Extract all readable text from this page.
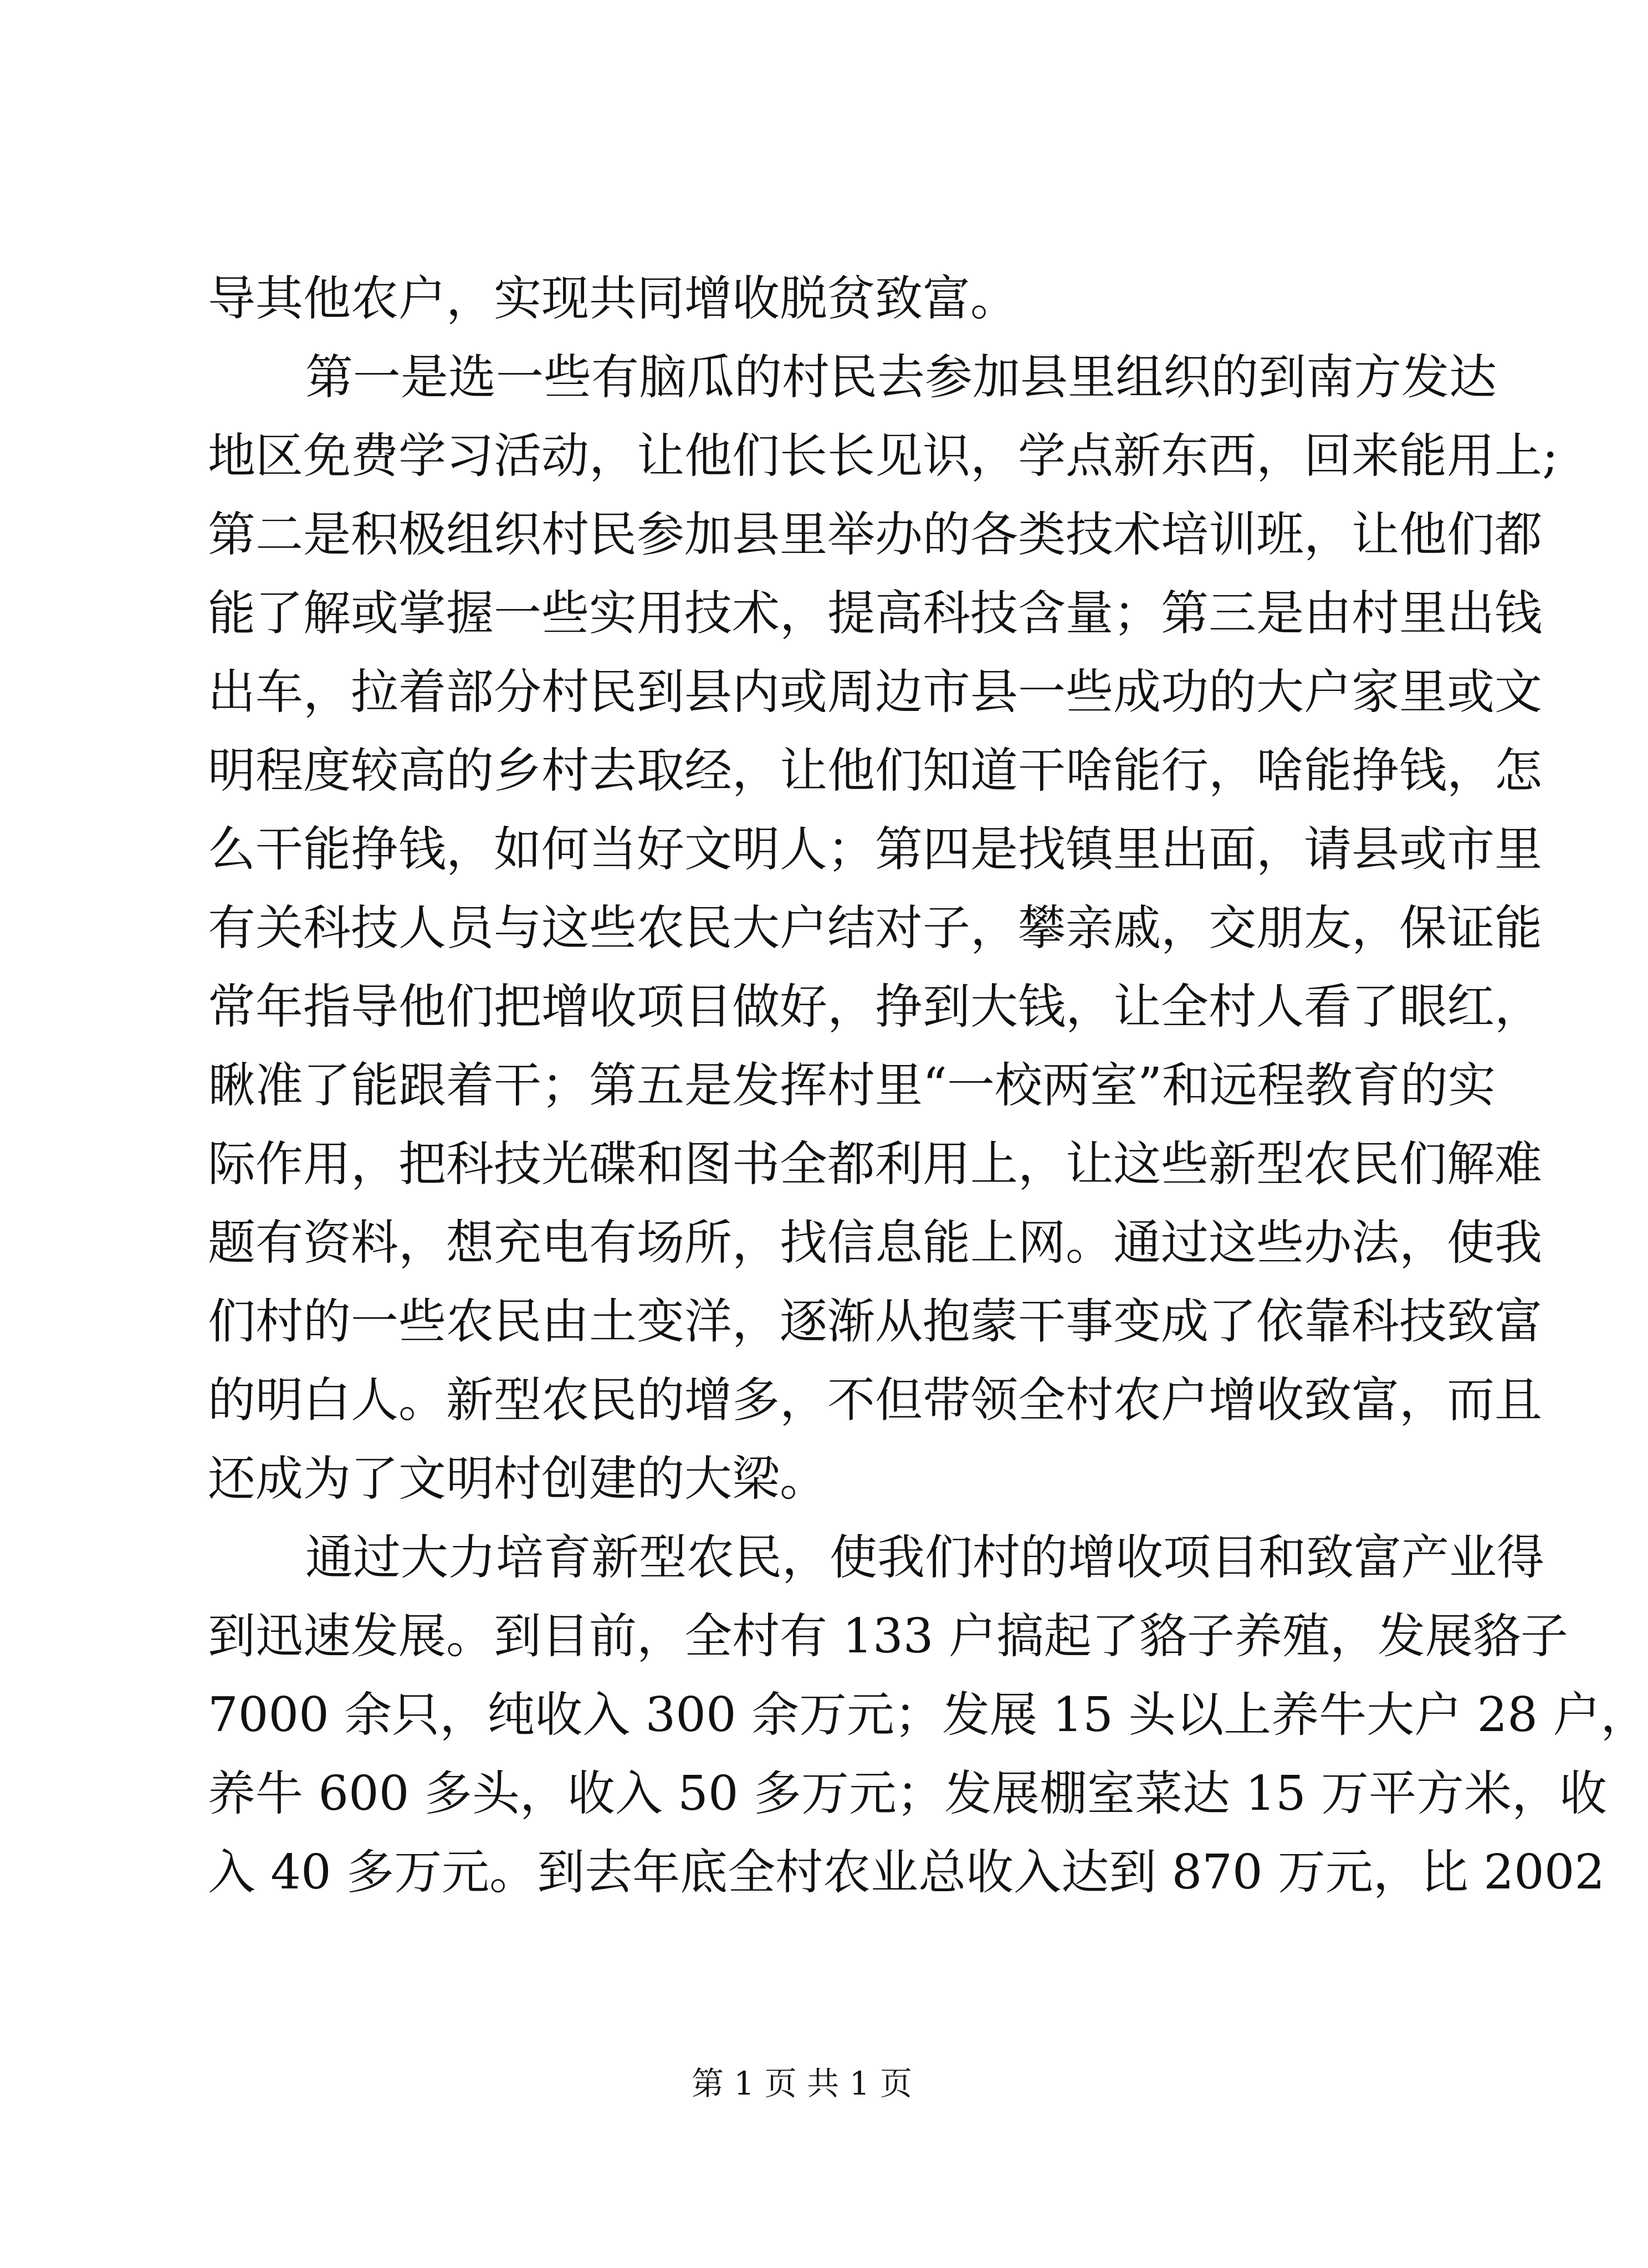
导其他农户，实现共同增收脱贫致富。
第一是选一些有脑瓜的村民去参加县里组织的到南方发达
地区免费学习活动，让他们长长见识，学点新东西，回来能用上;
第二是积极组织村民参加县里举办的各类技术培训班，让他们都
能了解或掌握一些实用技术，提高科技含量；第三是由村里出钱
出车，拉着部分村民到县内或周边市县一些成功的大户家里或文
明程度较高的乡村去取经，让他们知道干啥能行，啥能挣钱，怎
么干能挣钱，如何当好文明人；第四是找镇里出面，请县或市里
有关科技人员与这些农民大户结对子，攀亲戚，交朋友，保证能
常年指导他们把增收项目做好，挣到大钱，让全村人看了眼红，
瞅准了能跟着干；第五是发挥村里“一校两室”和远程教育的实
际作用，把科技光碟和图书全都利用上，让这些新型农民们解难
题有资料，想充电有场所，找信息能上网。通过这些办法，使我
们村的一些农民由土变洋，逐渐从抱蒙干事变成了依靠科技致富
的明白人。新型农民的增多，不但带领全村农户增收致富，而且
还成为了文明村创建的大梁。
通过大力培育新型农民，使我们村的增收项目和致富产业得
到迅速发展。到目前，全村有 133 户搞起了貉子养殖，发展貉子
7000 余只，纯收入 300 余万元；发展 15 头以上养牛大户 28 户，
养牛 600 多头，收入 50 多万元；发展棚室菜达 15 万平方米，收
入 40 多万元。到去年底全村农业总收入达到 870 万元，比 2002
第 1 页 共 1 页
